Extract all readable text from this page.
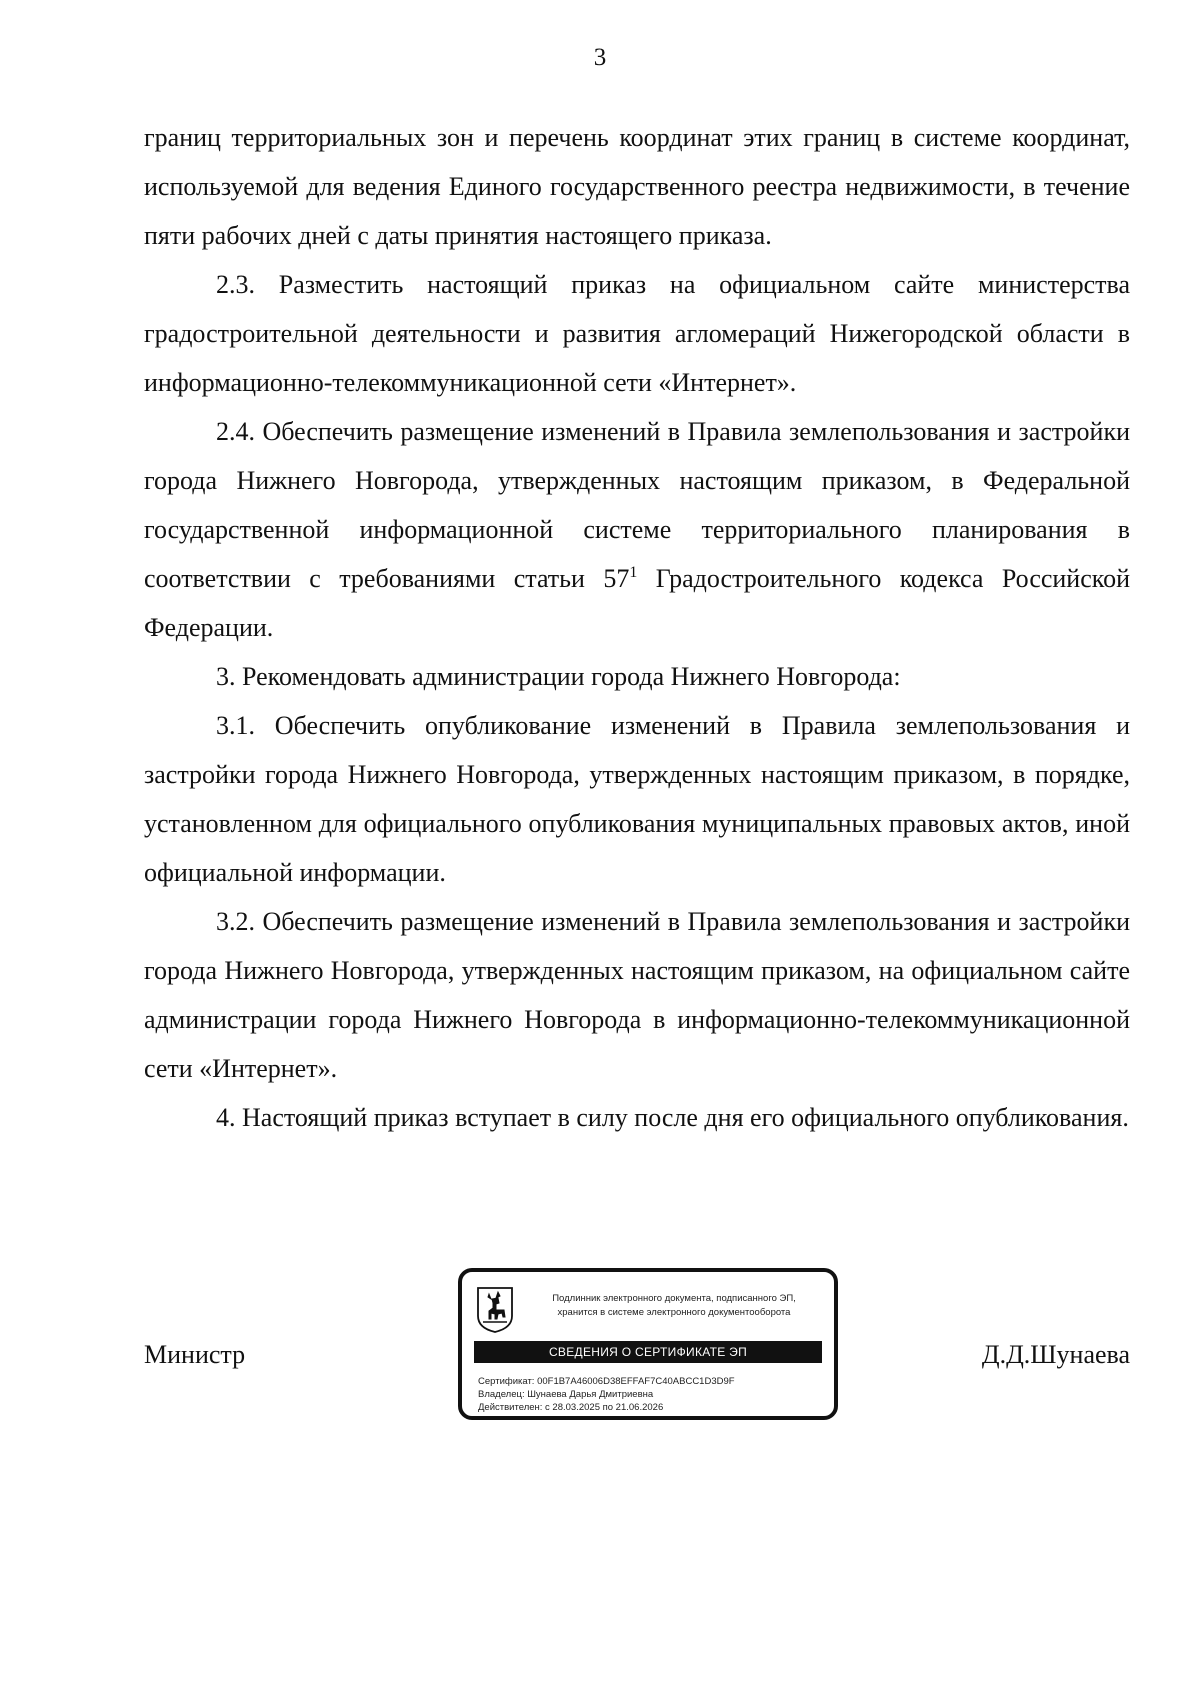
3

границ территориальных зон и перечень координат этих границ в системе координат, используемой для ведения Единого государственного реестра недвижимости, в течение пяти рабочих дней с даты принятия настоящего приказа.

2.3. Разместить настоящий приказ на официальном сайте министерства градостроительной деятельности и развития агломераций Нижегородской области в информационно-телекоммуникационной сети «Интернет».

2.4. Обеспечить размещение изменений в Правила землепользования и застройки города Нижнего Новгорода, утвержденных настоящим приказом, в Федеральной государственной информационной системе территориального планирования в соответствии с требованиями статьи $57^1$ Градостроительного кодекса Российской Федерации.

3. Рекомендовать администрации города Нижнего Новгорода:

3.1. Обеспечить опубликование изменений в Правила землепользования и застройки города Нижнего Новгорода, утвержденных настоящим приказом, в порядке, установленном для официального опубликования муниципальных правовых актов, иной официальной информации.

3.2. Обеспечить размещение изменений в Правила землепользования и застройки города Нижнего Новгорода, утвержденных настоящим приказом, на официальном сайте администрации города Нижнего Новгорода в информационно-телекоммуникационной сети «Интернет».

4. Настоящий приказ вступает в силу после дня его официального опубликования.

Министр	Д.Д.Шунаева
Подлинник электронного документа, подписанного ЭП,
хранится в системе электронного документооборота
СВЕДЕНИЯ О СЕРТИФИКАТЕ ЭП
Сертификат: 00F1B7A46006D38EFFAF7C40ABCC1D3D9F
Владелец: Шунаева Дарья Дмитриевна
Действителен: с 28.03.2025 по 21.06.2026
